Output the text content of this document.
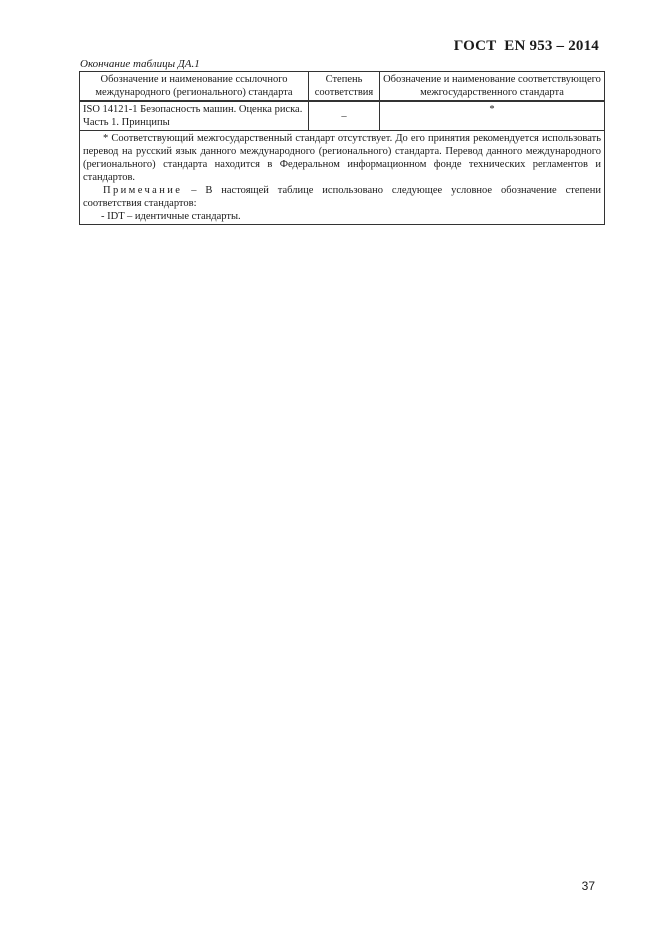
ГОСТ  EN 953 – 2014
Окончание таблицы ДА.1
Обозначение и наименование ссылочного международного (регионального) стандарта	Степень соответствия	Обозначение и наименование соответствующего межгосударственного стандарта
ISO 14121-1 Безопасность машин. Оценка риска. Часть 1. Принципы	–	*

* Соответствующий межгосударственный стандарт отсутствует. До его принятия рекомендуется использовать перевод на русский язык данного международного (регионального) стандарта. Перевод данного международного (регионального) стандарта находится в Федеральном информационном фонде технических регламентов и стандартов.

Примечание – В настоящей таблице использовано следующее условное обозначение степени соответствия стандартов:

- IDT – идентичные стандарты.		

37
